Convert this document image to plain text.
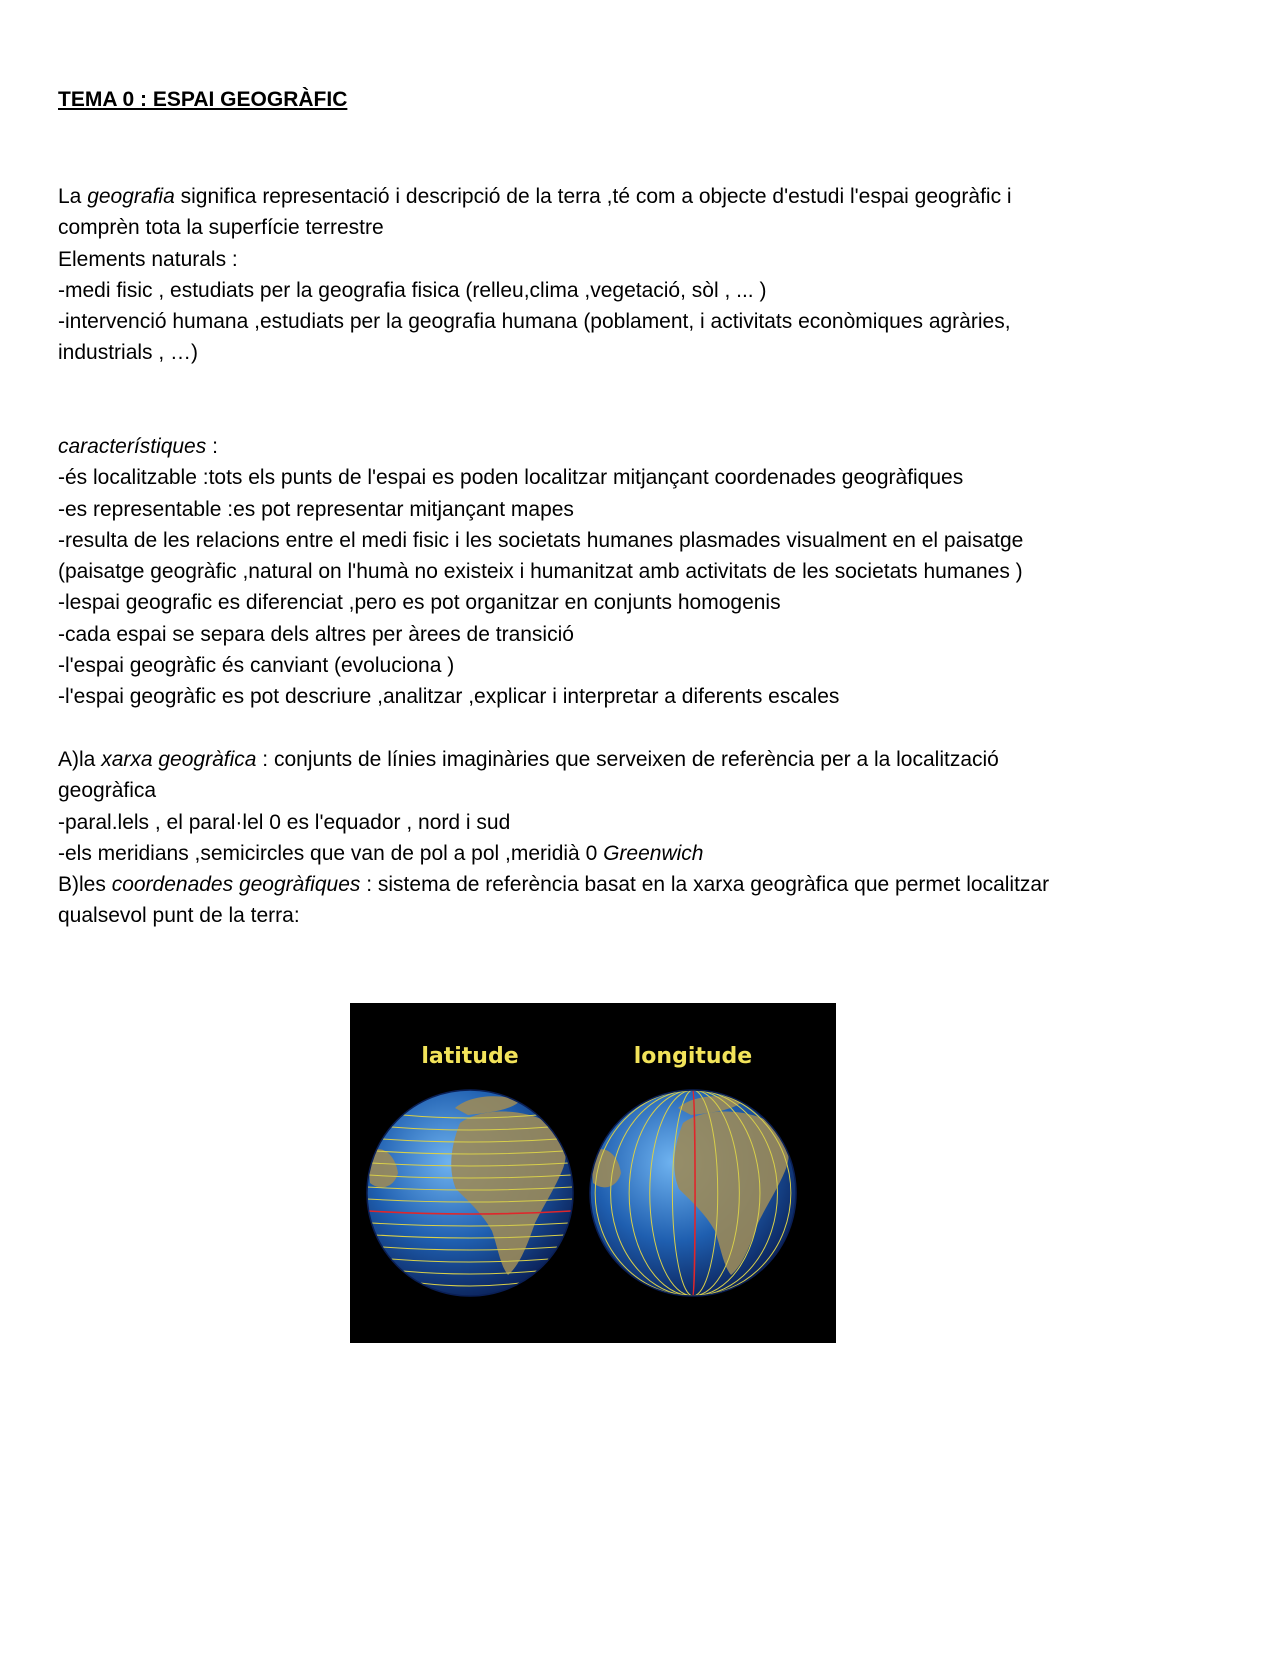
TEMA 0 : ESPAI GEOGRÀFIC
La geografia significa representació i descripció de la terra ,té com a objecte d'estudi l'espai geogràfic i
comprèn tota la superfície terrestre
Elements naturals :
-medi fisic , estudiats per la geografia fisica (relleu,clima ,vegetació, sòl , ... )
-intervenció humana ,estudiats per la geografia humana (poblament, i activitats econòmiques agràries,
industrials , …)
característiques :
-és localitzable :tots els punts de l'espai es poden localitzar mitjançant coordenades geogràfiques
-es representable :es pot representar mitjançant mapes
-resulta de les relacions entre el medi fisic i les societats humanes plasmades visualment en el paisatge
(paisatge geogràfic ,natural on l'humà no existeix i humanitzat amb activitats de les societats humanes )
-lespai geografic es diferenciat ,pero es pot organitzar en conjunts homogenis
-cada espai se separa dels altres per àrees de transició
-l'espai geogràfic és canviant (evoluciona )
-l'espai geogràfic es pot descriure ,analitzar ,explicar i interpretar a diferents escales
A)la xarxa geogràfica : conjunts de línies imaginàries que serveixen de referència per a la localització
geogràfica
-paral.lels , el paral·lel 0 es l'equador , nord i sud
-els meridians ,semicircles que van de pol a pol ,meridià 0 Greenwich
B)les coordenades geogràfiques : sistema de referència basat en la xarxa geogràfica que permet localitzar
qualsevol punt de la terra:
latitude	longitude
